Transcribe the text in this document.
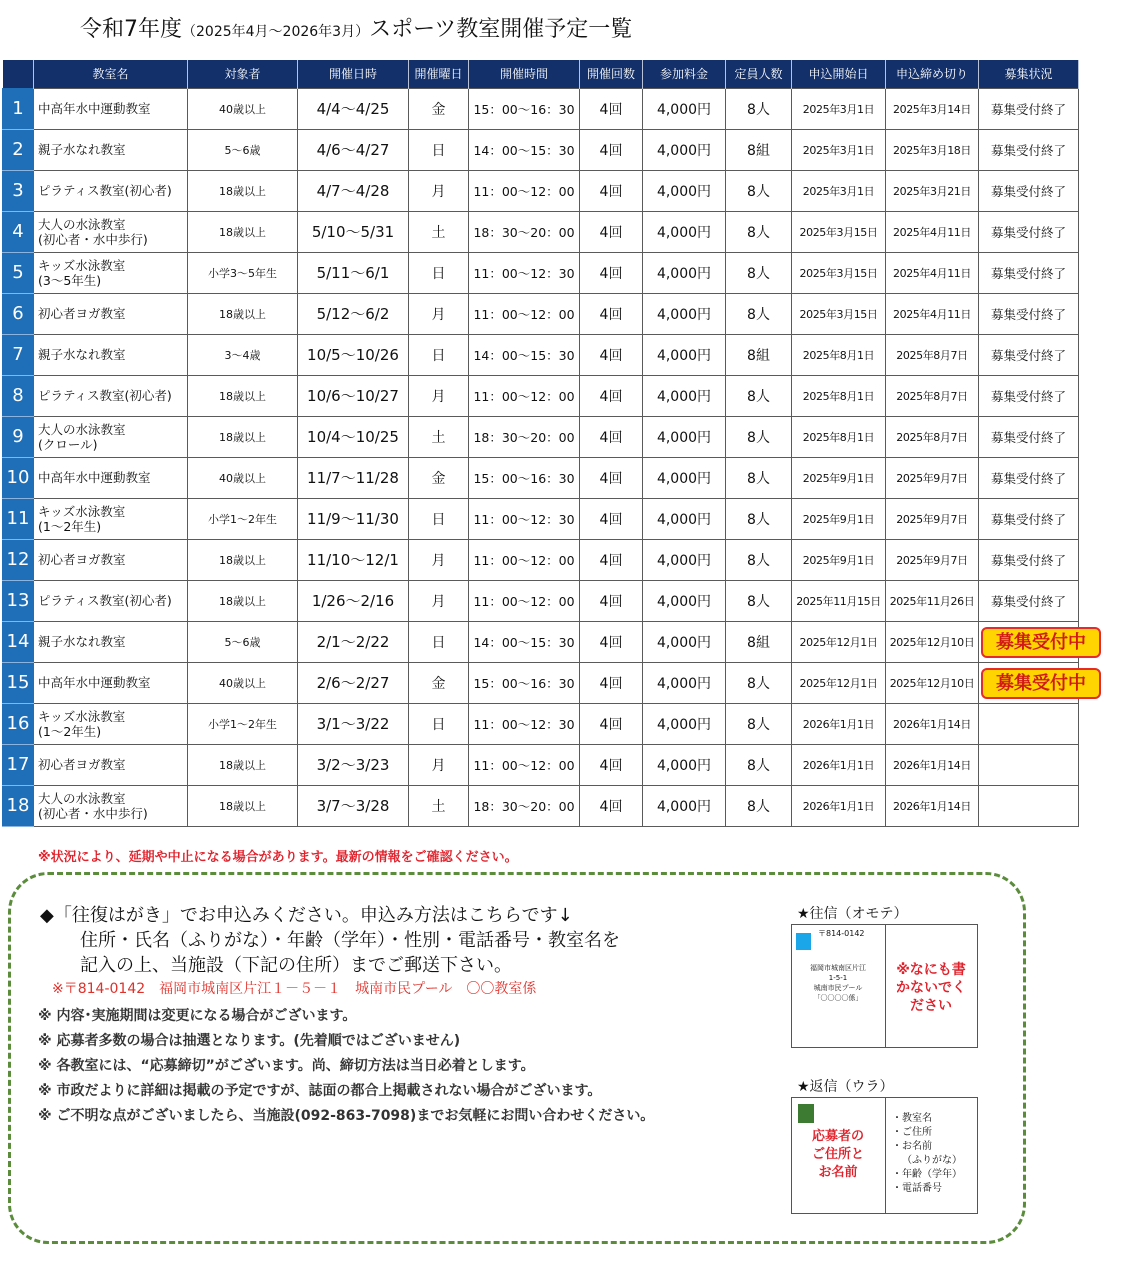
令和7年度（2025年4月～2026年3月）スポーツ教室開催予定一覧
	教室名	対象者	開催日時	開催曜日	開催時間	開催回数	参加料金	定員人数	申込開始日	申込締め切り	募集状況
1	中高年水中運動教室	40歳以上	4/4～4/25	金	15：00～16：30	4回	4,000円	8人	2025年3月1日	2025年3月14日	募集受付終了
2	親子水なれ教室	5～6歳	4/6～4/27	日	14：00～15：30	4回	4,000円	8組	2025年3月1日	2025年3月18日	募集受付終了
3	ピラティス教室(初心者)	18歳以上	4/7～4/28	月	11：00～12：00	4回	4,000円	8人	2025年3月1日	2025年3月21日	募集受付終了
4	大人の水泳教室
(初心者・水中歩行)	18歳以上	5/10～5/31	土	18：30～20：00	4回	4,000円	8人	2025年3月15日	2025年4月11日	募集受付終了
5	キッズ水泳教室
(3～5年生)	小学3～5年生	5/11～6/1	日	11：00～12：30	4回	4,000円	8人	2025年3月15日	2025年4月11日	募集受付終了
6	初心者ヨガ教室	18歳以上	5/12～6/2	月	11：00～12：00	4回	4,000円	8人	2025年3月15日	2025年4月11日	募集受付終了
7	親子水なれ教室	3～4歳	10/5～10/26	日	14：00～15：30	4回	4,000円	8組	2025年8月1日	2025年8月7日	募集受付終了
8	ピラティス教室(初心者)	18歳以上	10/6～10/27	月	11：00～12：00	4回	4,000円	8人	2025年8月1日	2025年8月7日	募集受付終了
9	大人の水泳教室
(クロール)	18歳以上	10/4～10/25	土	18：30～20：00	4回	4,000円	8人	2025年8月1日	2025年8月7日	募集受付終了
10	中高年水中運動教室	40歳以上	11/7～11/28	金	15：00～16：30	4回	4,000円	8人	2025年9月1日	2025年9月7日	募集受付終了
11	キッズ水泳教室
(1～2年生)	小学1～2年生	11/9～11/30	日	11：00～12：30	4回	4,000円	8人	2025年9月1日	2025年9月7日	募集受付終了
12	初心者ヨガ教室	18歳以上	11/10～12/1	月	11：00～12：00	4回	4,000円	8人	2025年9月1日	2025年9月7日	募集受付終了
13	ピラティス教室(初心者)	18歳以上	1/26～2/16	月	11：00～12：00	4回	4,000円	8人	2025年11月15日	2025年11月26日	募集受付終了
14	親子水なれ教室	5～6歳	2/1～2/22	日	14：00～15：30	4回	4,000円	8組	2025年12月1日	2025年12月10日	募集受付中

15	中高年水中運動教室	40歳以上	2/6～2/27	金	15：00～16：30	4回	4,000円	8人	2025年12月1日	2025年12月10日	募集受付中

16	キッズ水泳教室
(1～2年生)	小学1～2年生	3/1～3/22	日	11：00～12：30	4回	4,000円	8人	2026年1月1日	2026年1月14日	
17	初心者ヨガ教室	18歳以上	3/2～3/23	月	11：00～12：00	4回	4,000円	8人	2026年1月1日	2026年1月14日	
18	大人の水泳教室
(初心者・水中歩行)	18歳以上	3/7～3/28	土	18：30～20：00	4回	4,000円	8人	2026年1月1日	2026年1月14日	
※状況により、延期や中止になる場合があります。最新の情報をご確認ください。
◆「往復はがき」でお申込みください。申込み方法はこちらです↓
住所・氏名（ふりがな）・年齢（学年）・性別・電話番号・教室名を
記入の上、当施設（下記の住所）までご郵送下さい。
※〒814-0142　福岡市城南区片江１－５－１　城南市民プール　〇〇教室係
※ 内容･実施期間は変更になる場合がございます。
※ 応募者多数の場合は抽選となります。(先着順ではございません)
※ 各教室には、“応募締切”がございます。尚、締切方法は当日必着とします。
※ 市政だよりに詳細は掲載の予定ですが、誌面の都合上掲載されない場合がございます。
※ ご不明な点がございましたら、当施設(092-863-7098)までお気軽にお問い合わせください。
★往信（オモテ）
〒814-0142
福岡市城南区片江
1-5-1
城南市民プール
「〇〇〇〇係」
※なにも書
かないでく
ださい
★返信（ウラ）
応募者の
ご住所と
お名前
・教室名
・ご住所
・お名前
（ふりがな）
・年齢（学年）
・電話番号
